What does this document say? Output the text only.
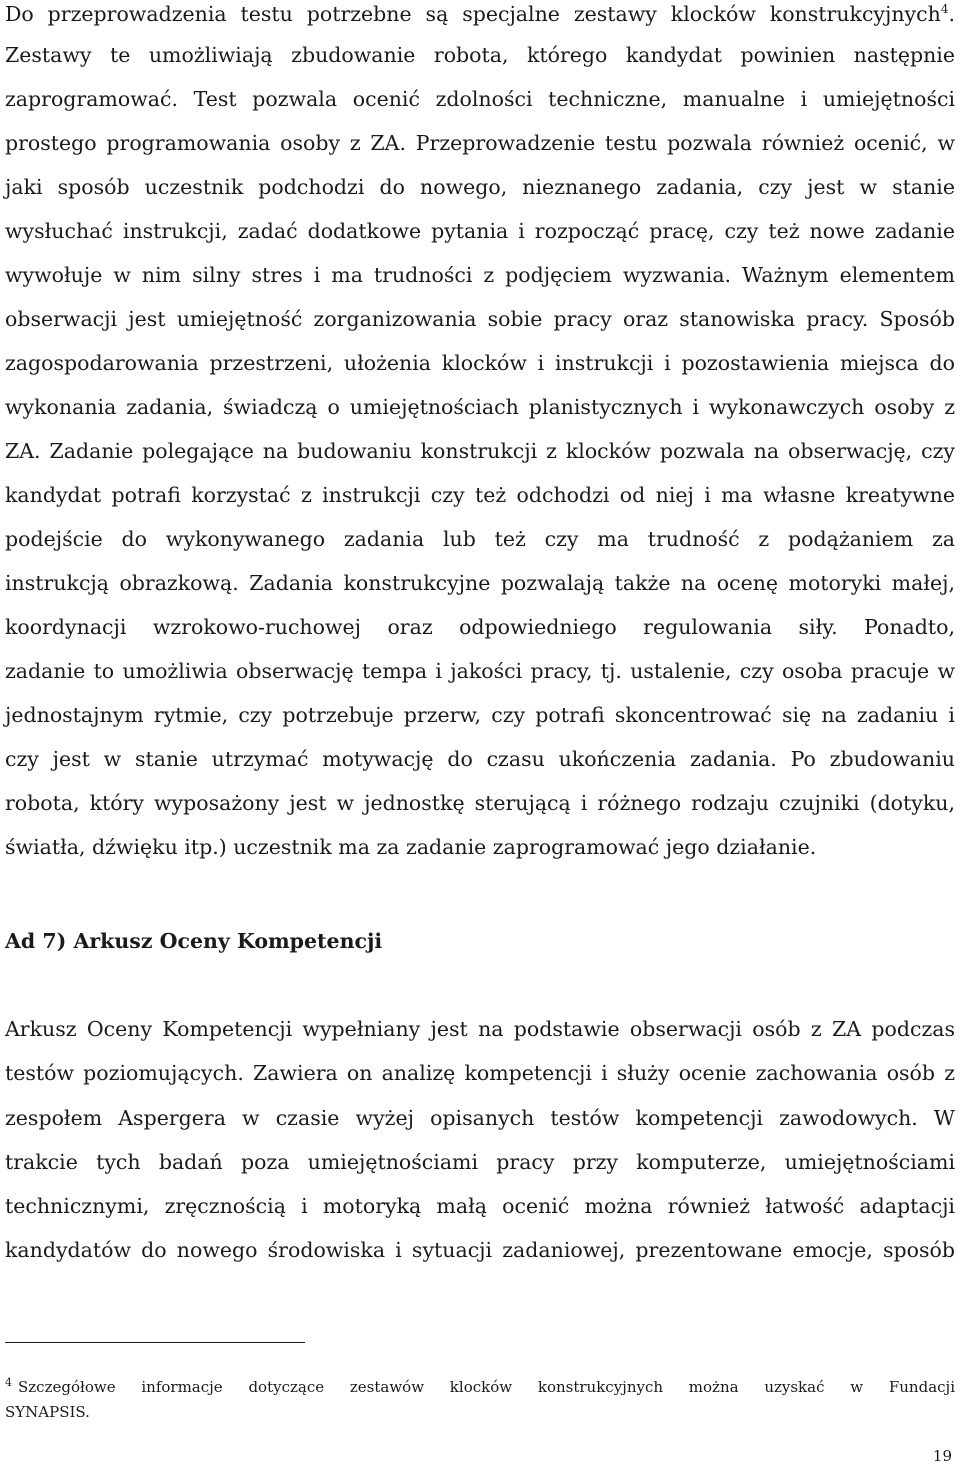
Do przeprowadzenia testu potrzebne są specjalne zestawy klocków konstrukcyjnych$^4$.
Zestawy te umożliwiają zbudowanie robota, którego kandydat powinien następnie
zaprogramować. Test pozwala ocenić zdolności techniczne, manualne i umiejętności
prostego programowania osoby z ZA. Przeprowadzenie testu pozwala również ocenić, w
jaki sposób uczestnik podchodzi do nowego, nieznanego zadania, czy jest w stanie
wysłuchać instrukcji, zadać dodatkowe pytania i rozpocząć pracę, czy też nowe zadanie
wywołuje w nim silny stres i ma trudności z podjęciem wyzwania. Ważnym elementem
obserwacji jest umiejętność zorganizowania sobie pracy oraz stanowiska pracy. Sposób
zagospodarowania przestrzeni, ułożenia klocków i instrukcji i pozostawienia miejsca do
wykonania zadania, świadczą o umiejętnościach planistycznych i wykonawczych osoby z
ZA. Zadanie polegające na budowaniu konstrukcji z klocków pozwala na obserwację, czy
kandydat potrafi korzystać z instrukcji czy też odchodzi od niej i ma własne kreatywne
podejście do wykonywanego zadania lub też czy ma trudność z podążaniem za
instrukcją obrazkową. Zadania konstrukcyjne pozwalają także na ocenę motoryki małej,
koordynacji wzrokowo-ruchowej oraz odpowiedniego regulowania siły. Ponadto,
zadanie to umożliwia obserwację tempa i jakości pracy, tj. ustalenie, czy osoba pracuje w
jednostajnym rytmie, czy potrzebuje przerw, czy potrafi skoncentrować się na zadaniu i
czy jest w stanie utrzymać motywację do czasu ukończenia zadania. Po zbudowaniu
robota, który wyposażony jest w jednostkę sterującą i różnego rodzaju czujniki (dotyku,
światła, dźwięku itp.) uczestnik ma za zadanie zaprogramować jego działanie.
Ad 7) Arkusz Oceny Kompetencji
Arkusz Oceny Kompetencji wypełniany jest na podstawie obserwacji osób z ZA podczas
testów poziomujących. Zawiera on analizę kompetencji i służy ocenie zachowania osób z
zespołem Aspergera w czasie wyżej opisanych testów kompetencji zawodowych. W
trakcie tych badań poza umiejętnościami pracy przy komputerze, umiejętnościami
technicznymi, zręcznością i motoryką małą ocenić można również łatwość adaptacji
kandydatów do nowego środowiska i sytuacji zadaniowej, prezentowane emocje, sposób
$^4$ Szczegółowe informacje dotyczące zestawów klocków konstrukcyjnych można uzyskać w Fundacji
SYNAPSIS.
19
